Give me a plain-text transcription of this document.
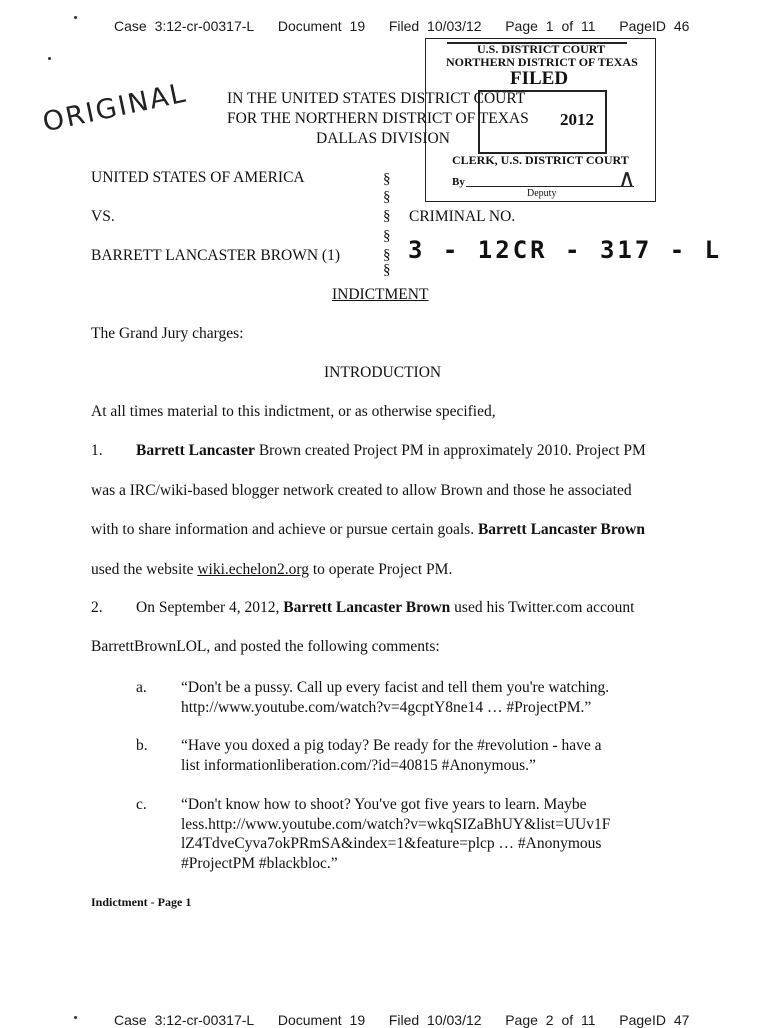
Case 3:12-cr-00317-L Document 19 Filed 10/03/12 Page 1 of 11 PageID 46
U.S. DISTRICT COURT
NORTHERN DISTRICT OF TEXAS
FILED
2012
CLERK, U.S. DISTRICT COURT
By
Deputy
∧
ORIGINAL IN THE UNITED STATES DISTRICT COURT
FOR THE NORTHERN DISTRICT OF TEXAS
DALLAS DIVISION
UNITED STATES OF AMERICA
VS.
BARRETT LANCASTER BROWN (1)
§
§
§
§
§
§
CRIMINAL NO.
3 - 12CR - 317 - L
INDICTMENT
The Grand Jury charges:
INTRODUCTION
At all times material to this indictment, or as otherwise specified,
1. Barrett Lancaster Brown created Project PM in approximately 2010. Project PM
was a IRC/wiki-based blogger network created to allow Brown and those he associated
with to share information and achieve or pursue certain goals. Barrett Lancaster Brown
used the website wiki.echelon2.org to operate Project PM.
2. On September 4, 2012, Barrett Lancaster Brown used his Twitter.com account
BarrettBrownLOL, and posted the following comments:
a. “Don't be a pussy. Call up every facist and tell them you're watching.
http://www.youtube.com/watch?v=4gcptY8ne14 … #ProjectPM.”
b. “Have you doxed a pig today? Be ready for the #revolution - have a
list informationliberation.com/?id=40815 #Anonymous.”
c. “Don't know how to shoot? You've got five years to learn. Maybe
less.http://www.youtube.com/watch?v=wkqSIZaBhUY&list=UUv1F
lZ4TdveCyva7okPRmSA&index=1&feature=plcp … #Anonymous
#ProjectPM #blackbloc.”
Indictment - Page 1
Case 3:12-cr-00317-L Document 19 Filed 10/03/12 Page 2 of 11 PageID 47
